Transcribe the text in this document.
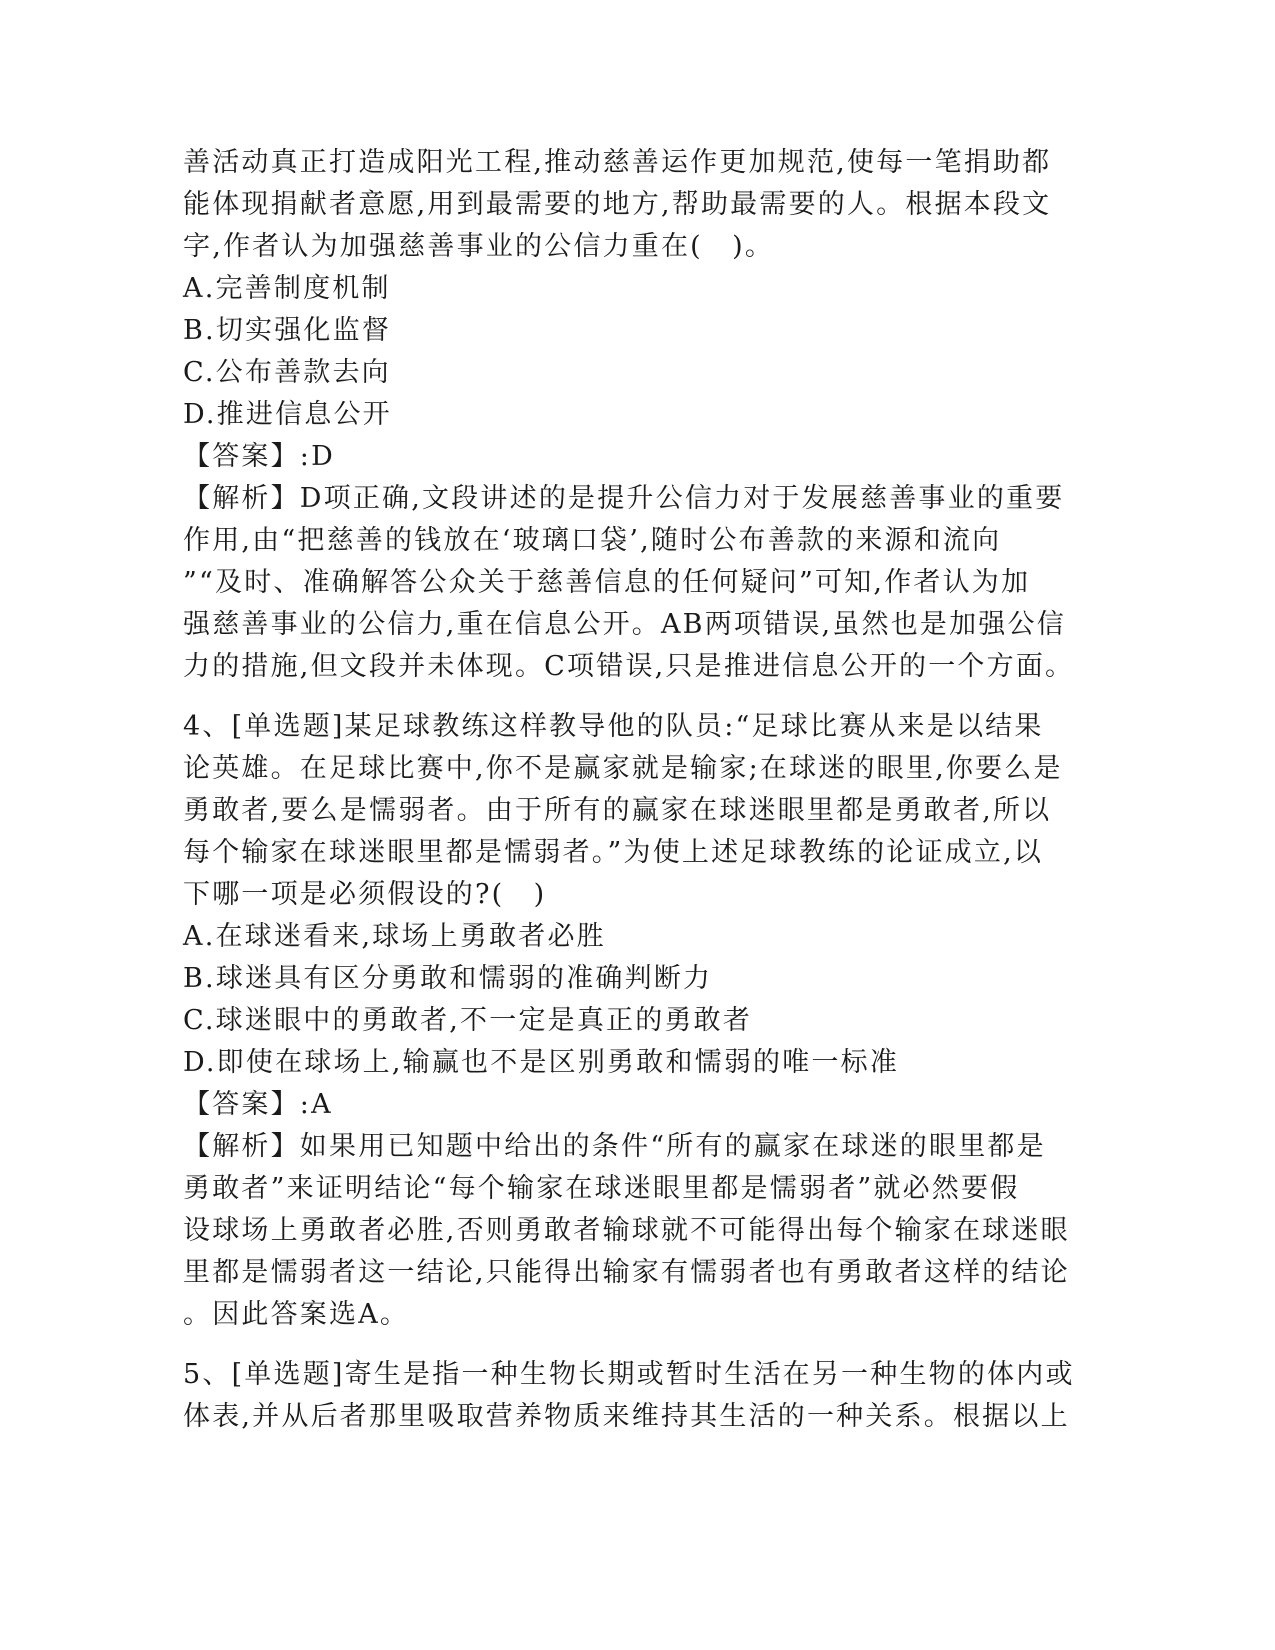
善活动真正打造成阳光工程,推动慈善运作更加规范,使每一笔捐助都
能体现捐献者意愿,用到最需要的地方,帮助最需要的人。根据本段文
字,作者认为加强慈善事业的公信力重在(　)。
A.完善制度机制
B.切实强化监督
C.公布善款去向
D.推进信息公开
【答案】:D
【解析】D项正确,文段讲述的是提升公信力对于发展慈善事业的重要
作用,由“把慈善的钱放在‘玻璃口袋’,随时公布善款的来源和流向
”“及时、准确解答公众关于慈善信息的任何疑问”可知,作者认为加
强慈善事业的公信力,重在信息公开。AB两项错误,虽然也是加强公信
力的措施,但文段并未体现。C项错误,只是推进信息公开的一个方面。
4、[单选题]某足球教练这样教导他的队员:“足球比赛从来是以结果
论英雄。在足球比赛中,你不是赢家就是输家;在球迷的眼里,你要么是
勇敢者,要么是懦弱者。由于所有的赢家在球迷眼里都是勇敢者,所以
每个输家在球迷眼里都是懦弱者。”为使上述足球教练的论证成立,以
下哪一项是必须假设的?(　)
A.在球迷看来,球场上勇敢者必胜
B.球迷具有区分勇敢和懦弱的准确判断力
C.球迷眼中的勇敢者,不一定是真正的勇敢者
D.即使在球场上,输赢也不是区别勇敢和懦弱的唯一标准
【答案】:A
【解析】如果用已知题中给出的条件“所有的赢家在球迷的眼里都是
勇敢者”来证明结论“每个输家在球迷眼里都是懦弱者”就必然要假
设球场上勇敢者必胜,否则勇敢者输球就不可能得出每个输家在球迷眼
里都是懦弱者这一结论,只能得出输家有懦弱者也有勇敢者这样的结论
。因此答案选A。
5、[单选题]寄生是指一种生物长期或暂时生活在另一种生物的体内或
体表,并从后者那里吸取营养物质来维持其生活的一种关系。根据以上
